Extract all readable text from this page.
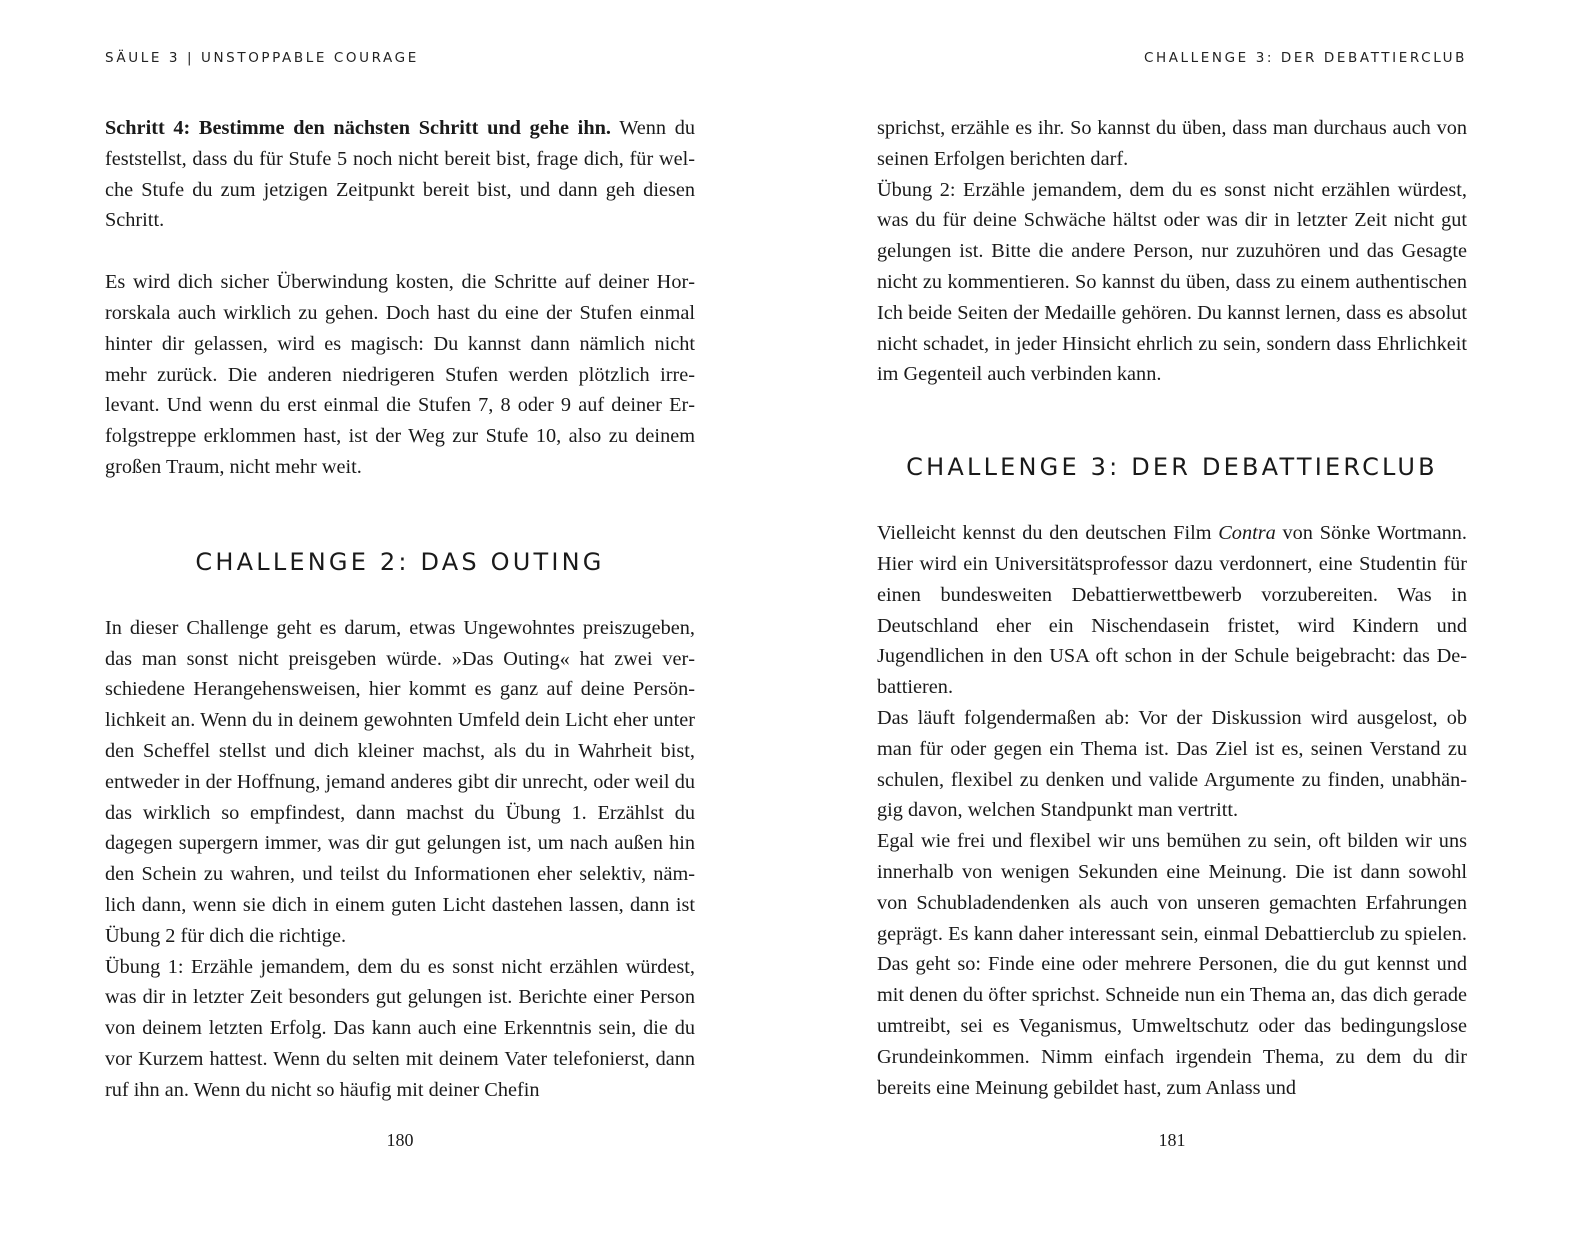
SÄULE 3 | UNSTOPPABLE COURAGE

Schritt 4: Bestimme den nächsten Schritt und gehe ihn. Wenn du feststellst, dass du für Stufe 5 noch nicht bereit bist, frage dich, für welche Stufe du zum jetzigen Zeitpunkt bereit bist, und dann geh diesen Schritt.

Es wird dich sicher Überwindung kosten, die Schritte auf deiner Horrorskala auch wirklich zu gehen. Doch hast du eine der Stufen einmal hinter dir gelassen, wird es magisch: Du kannst dann nämlich nicht mehr zurück. Die anderen niedrigeren Stufen werden plötzlich irrelevant. Und wenn du erst einmal die Stufen 7, 8 oder 9 auf deiner Erfolgstreppe erklommen hast, ist der Weg zur Stufe 10, also zu deinem großen Traum, nicht mehr weit.

CHALLENGE 2: DAS OUTING

In dieser Challenge geht es darum, etwas Ungewohntes preiszugeben, das man sonst nicht preisgeben würde. »Das Outing« hat zwei verschiedene Herangehensweisen, hier kommt es ganz auf deine Persönlichkeit an. Wenn du in deinem gewohnten Umfeld dein Licht eher unter den Scheffel stellst und dich kleiner machst, als du in Wahrheit bist, entweder in der Hoffnung, jemand anderes gibt dir unrecht, oder weil du das wirklich so empfindest, dann machst du Übung 1. Erzählst du dagegen supergern immer, was dir gut gelungen ist, um nach außen hin den Schein zu wahren, und teilst du Informationen eher selektiv, nämlich dann, wenn sie dich in einem guten Licht dastehen lassen, dann ist Übung 2 für dich die richtige.

Übung 1: Erzähle jemandem, dem du es sonst nicht erzählen würdest, was dir in letzter Zeit besonders gut gelungen ist. Berichte einer Person von deinem letzten Erfolg. Das kann auch eine Erkenntnis sein, die du vor Kurzem hattest. Wenn du selten mit deinem Vater telefonierst, dann ruf ihn an. Wenn du nicht so häufig mit deiner Chefin

180
CHALLENGE 3: DER DEBATTIERCLUB

sprichst, erzähle es ihr. So kannst du üben, dass man durchaus auch von seinen Erfolgen berichten darf.

Übung 2: Erzähle jemandem, dem du es sonst nicht erzählen würdest, was du für deine Schwäche hältst oder was dir in letzter Zeit nicht gut gelungen ist. Bitte die andere Person, nur zuzuhören und das Gesagte nicht zu kommentieren. So kannst du üben, dass zu einem authentischen Ich beide Seiten der Medaille gehören. Du kannst lernen, dass es absolut nicht schadet, in jeder Hinsicht ehrlich zu sein, sondern dass Ehrlichkeit im Gegenteil auch verbinden kann.

CHALLENGE 3: DER DEBATTIERCLUB

Vielleicht kennst du den deutschen Film Contra von Sönke Wortmann. Hier wird ein Universitätsprofessor dazu verdonnert, eine Studentin für einen bundesweiten Debattierwettbewerb vorzubereiten. Was in Deutschland eher ein Nischendasein fristet, wird Kindern und Jugendlichen in den USA oft schon in der Schule beigebracht: das Debattieren.

Das läuft folgendermaßen ab: Vor der Diskussion wird ausgelost, ob man für oder gegen ein Thema ist. Das Ziel ist es, seinen Verstand zu schulen, flexibel zu denken und valide Argumente zu finden, unabhängig davon, welchen Standpunkt man vertritt.

Egal wie frei und flexibel wir uns bemühen zu sein, oft bilden wir uns innerhalb von wenigen Sekunden eine Meinung. Die ist dann sowohl von Schubladendenken als auch von unseren gemachten Erfahrungen geprägt. Es kann daher interessant sein, einmal Debattierclub zu spielen. Das geht so: Finde eine oder mehrere Personen, die du gut kennst und mit denen du öfter sprichst. Schneide nun ein Thema an, das dich gerade umtreibt, sei es Veganismus, Umweltschutz oder das bedingungslose Grundeinkommen. Nimm einfach irgendein Thema, zu dem du dir bereits eine Meinung gebildet hast, zum Anlass und

181
